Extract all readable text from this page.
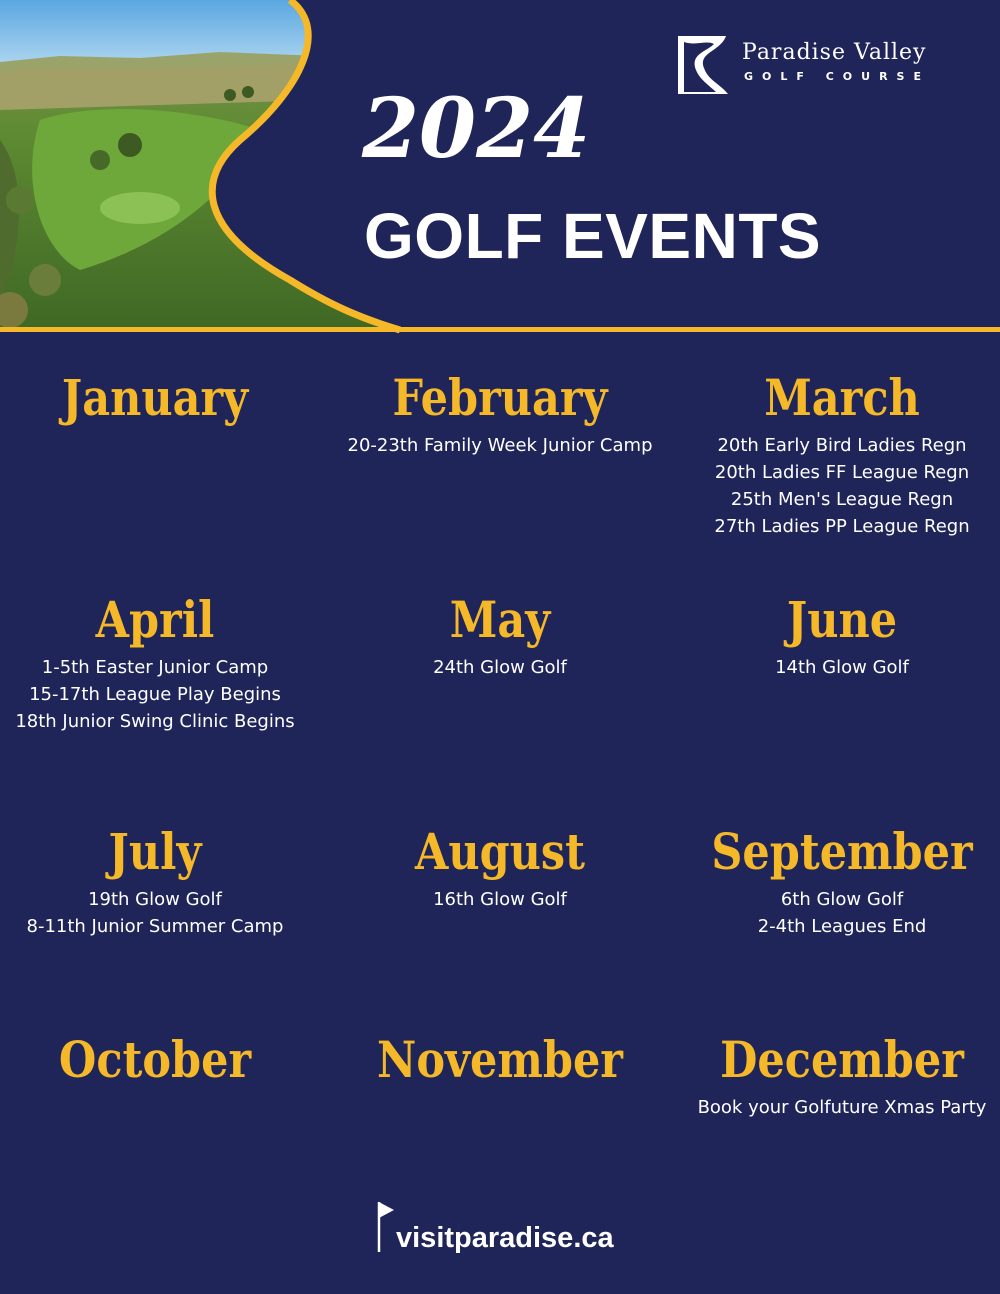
Paradise Valley
GOLF COURSE
2024
GOLF EVENTS
January	February
20-23th Family Week Junior Camp
March
20th Early Bird Ladies Regn
20th Ladies FF League Regn
25th Men's League Regn
27th Ladies PP League Regn
April
1-5th Easter Junior Camp
15-17th League Play Begins
18th Junior Swing Clinic Begins
May
24th Glow Golf
June
14th Glow Golf
July
19th Glow Golf
8-11th Junior Summer Camp
August
16th Glow Golf
September
6th Glow Golf
2-4th Leagues End
October	November	December
Book your Golfuture Xmas Party
visitparadise.ca
